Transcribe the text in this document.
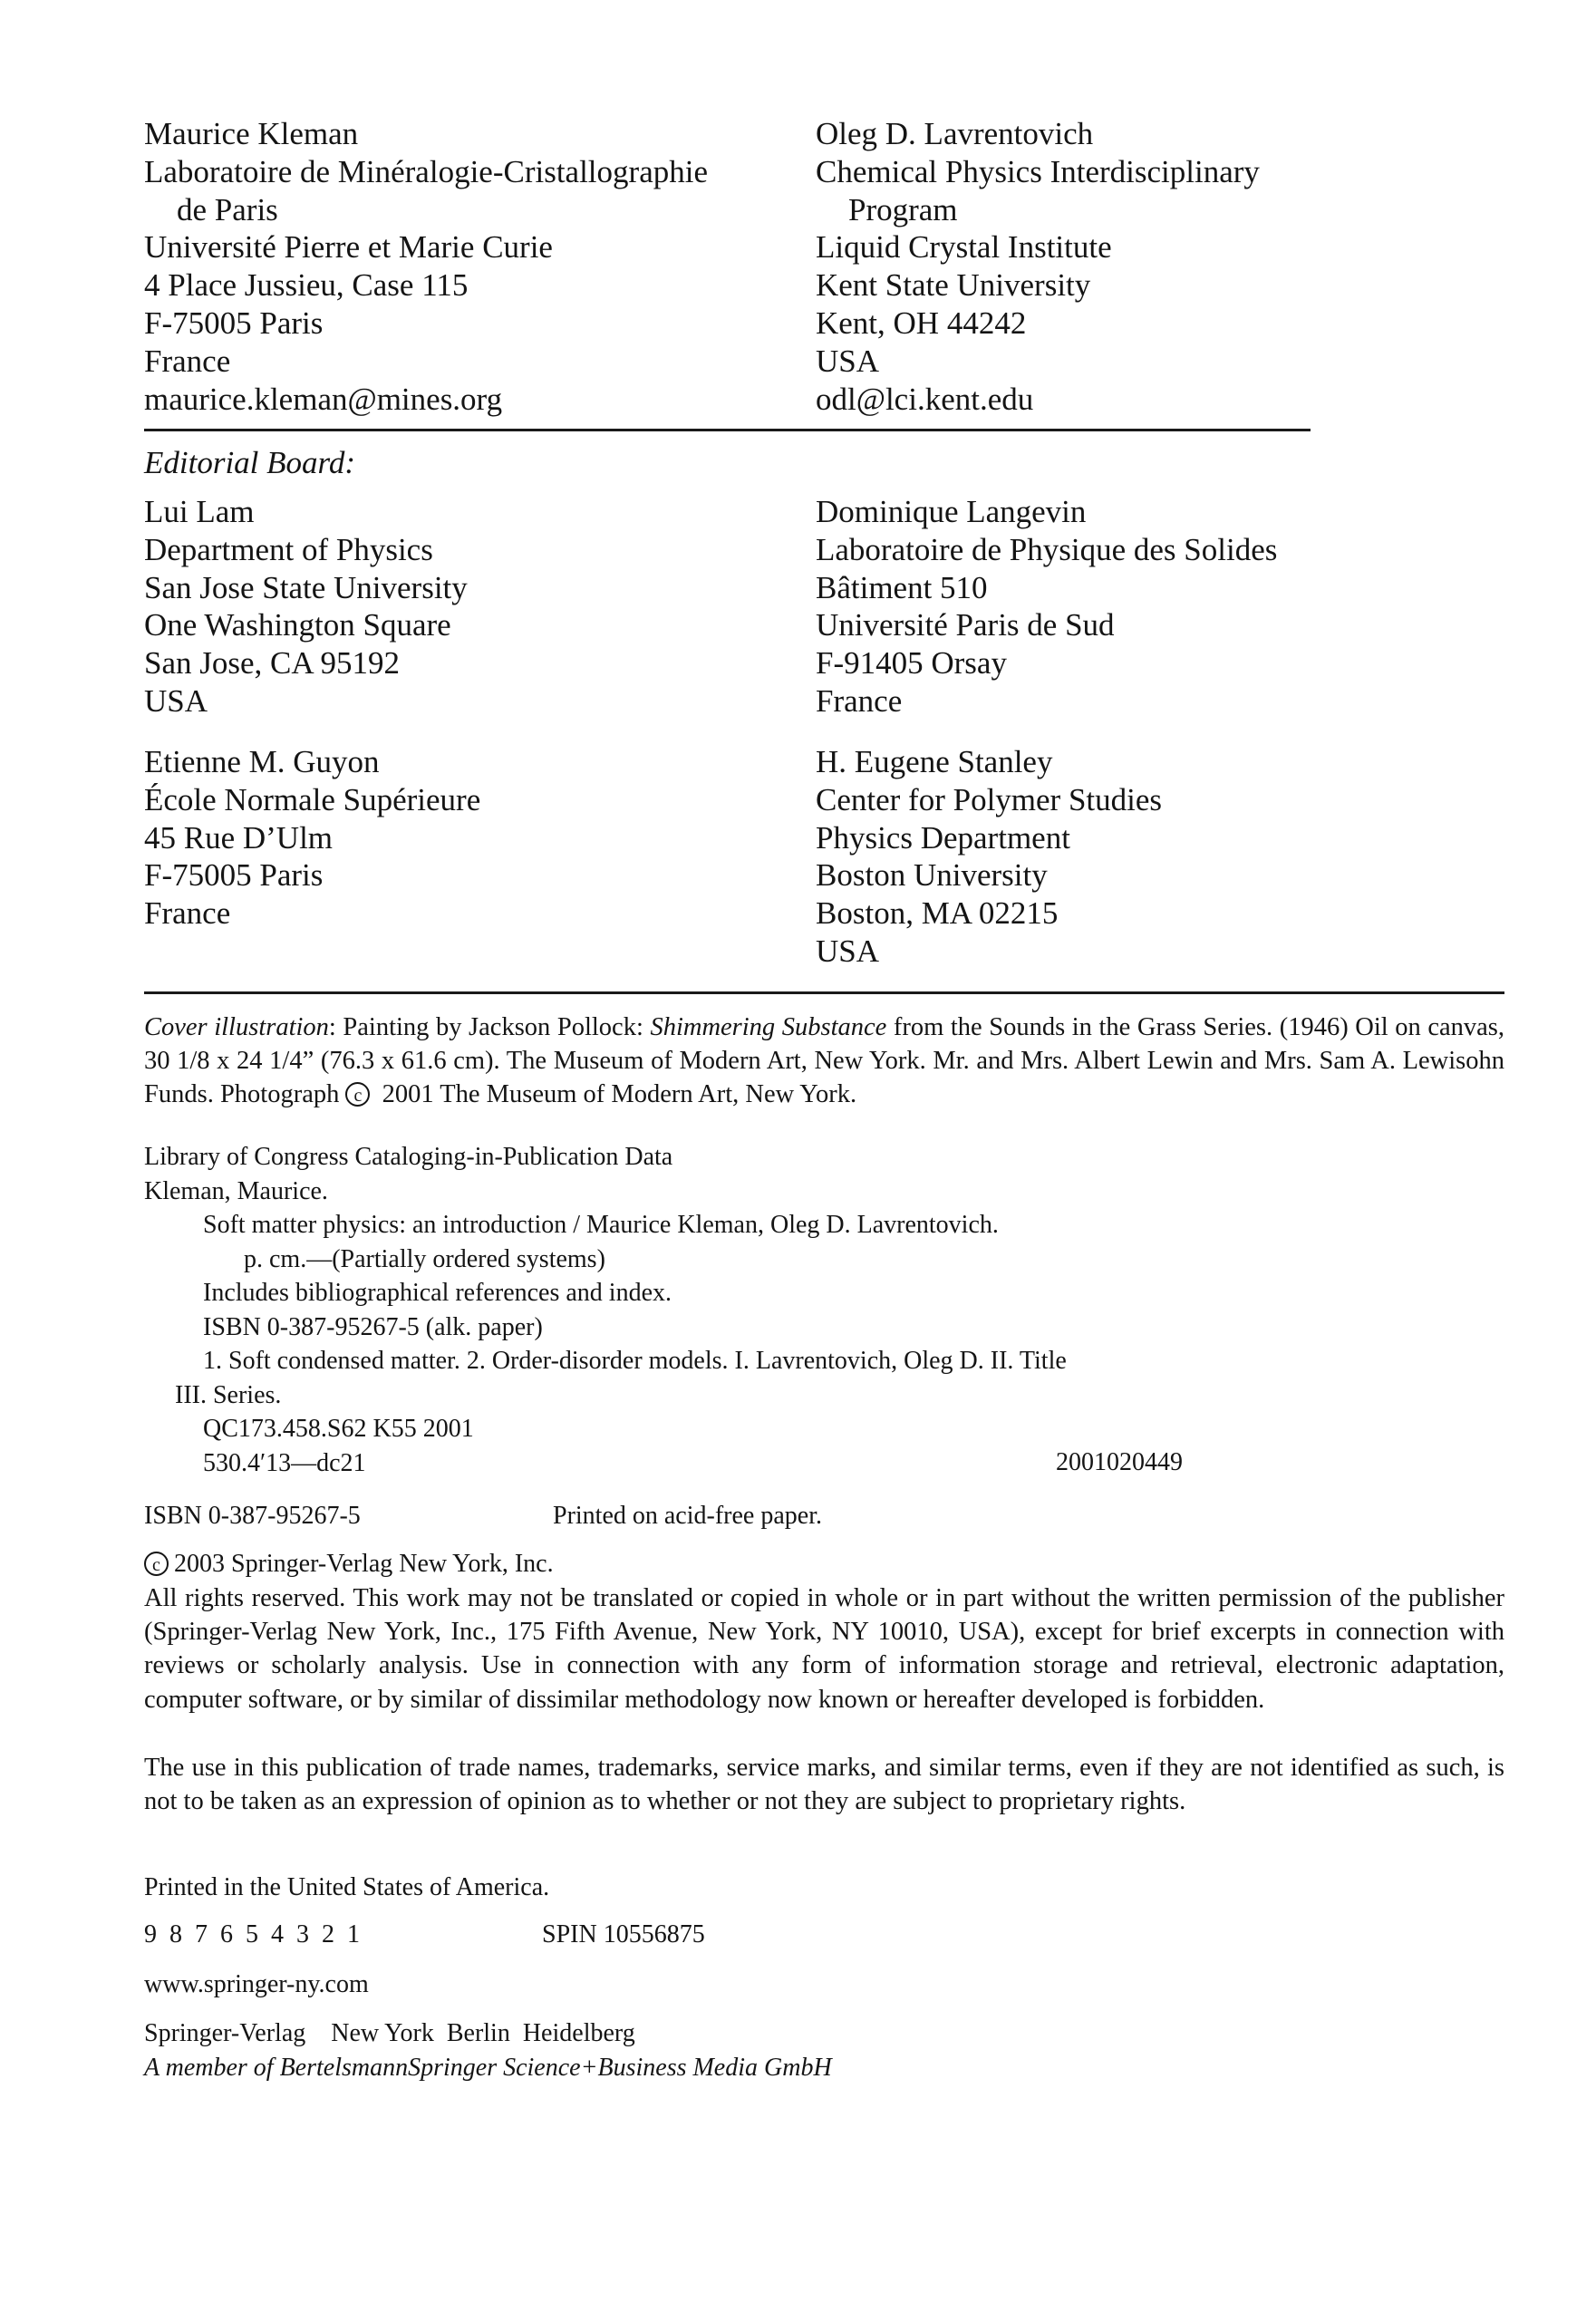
Maurice Kleman
Laboratoire de Minéralogie-Cristallographie
de Paris
Université Pierre et Marie Curie
4 Place Jussieu, Case 115
F-75005 Paris
France
maurice.kleman@mines.org
Oleg D. Lavrentovich
Chemical Physics Interdisciplinary
Program
Liquid Crystal Institute
Kent State University
Kent, OH 44242
USA
odl@lci.kent.edu
Editorial Board:
Lui Lam
Department of Physics
San Jose State University
One Washington Square
San Jose, CA 95192
USA
Dominique Langevin
Laboratoire de Physique des Solides
Bâtiment 510
Université Paris de Sud
F-91405 Orsay
France
Etienne M. Guyon
École Normale Supérieure
45 Rue D’Ulm
F-75005 Paris
France
H. Eugene Stanley
Center for Polymer Studies
Physics Department
Boston University
Boston, MA 02215
USA
Cover illustration: Painting by Jackson Pollock: Shimmering Substance from the Sounds in the Grass Series. (1946) Oil on canvas, 30 1/8 x 24 1/4” (76.3 x 61.6 cm). The Museum of Modern Art, New York. Mr. and Mrs. Albert Lewin and Mrs. Sam A. Lewisohn Funds. Photograph c 2001 The Museum of Modern Art, New York.
Library of Congress Cataloging-in-Publication Data
Kleman, Maurice.
Soft matter physics: an introduction / Maurice Kleman, Oleg D. Lavrentovich.
p. cm.—(Partially ordered systems)
Includes bibliographical references and index.
ISBN 0-387-95267-5 (alk. paper)
1. Soft condensed matter. 2. Order-disorder models. I. Lavrentovich, Oleg D. II. Title
III. Series.
QC173.458.S62 K55 2001
530.4′13—dc21	2001020449
ISBN 0-387-95267-5	Printed on acid-free paper.
c 2003 Springer-Verlag New York, Inc.
All rights reserved. This work may not be translated or copied in whole or in part without the written permission of the publisher (Springer-Verlag New York, Inc., 175 Fifth Avenue, New York, NY 10010, USA), except for brief excerpts in connection with reviews or scholarly analysis. Use in connection with any form of information storage and retrieval, electronic adaptation, computer software, or by similar of dissimilar methodology now known or hereafter developed is forbidden.
The use in this publication of trade names, trademarks, service marks, and similar terms, even if they are not identified as such, is not to be taken as an expression of opinion as to whether or not they are subject to proprietary rights.
Printed in the United States of America.
9  8  7  6  5  4  3  2  1	SPIN 10556875
www.springer-ny.com
Springer-Verlag New York  Berlin  Heidelberg
A member of BertelsmannSpringer Science+Business Media GmbH
